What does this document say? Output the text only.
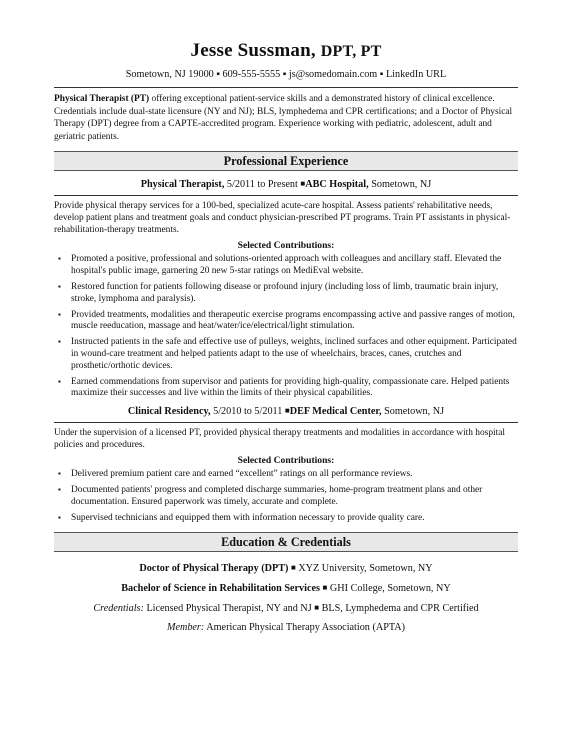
Jesse Sussman, DPT, PT
Sometown, NJ 19000 ▪ 609-555-5555 ▪ js@somedomain.com ▪ LinkedIn URL
Physical Therapist (PT) offering exceptional patient-service skills and a demonstrated history of clinical excellence. Credentials include dual-state licensure (NY and NJ); BLS, lymphedema and CPR certifications; and a Doctor of Physical Therapy (DPT) degree from a CAPTE-accredited program. Experience working with pediatric, adolescent, adult and geriatric patients.
Professional Experience
Physical Therapist, 5/2011 to Present ■ABC Hospital, Sometown, NJ
Provide physical therapy services for a 100-bed, specialized acute-care hospital. Assess patients' rehabilitative needs, develop patient plans and treatment goals and conduct physician-prescribed PT programs. Train PT assistants in physical-rehabilitation-therapy treatments.
Selected Contributions:
▪ Promoted a positive, professional and solutions-oriented approach with colleagues and ancillary staff. Elevated the hospital's public image, garnering 20 new 5-star ratings on MediEval website.
▪ Restored function for patients following disease or profound injury (including loss of limb, traumatic brain injury, stroke, lymphoma and paralysis).
▪ Provided treatments, modalities and therapeutic exercise programs encompassing active and passive ranges of motion, muscle reeducation, massage and heat/water/ice/electrical/light stimulation.
▪ Instructed patients in the safe and effective use of pulleys, weights, inclined surfaces and other equipment. Participated in wound-care treatment and helped patients adapt to the use of wheelchairs, braces, canes, crutches and prosthetic/orthotic devices.
▪ Earned commendations from supervisor and patients for providing high-quality, compassionate care. Helped patients maximize their successes and live within the limits of their physical capabilities.
Clinical Residency, 5/2010 to 5/2011 ■DEF Medical Center, Sometown, NJ
Under the supervision of a licensed PT, provided physical therapy treatments and modalities in accordance with hospital policies and procedures.
Selected Contributions:
▪ Delivered premium patient care and earned “excellent” ratings on all performance reviews.
▪ Documented patients' progress and completed discharge summaries, home-program treatment plans and other documentation. Ensured paperwork was timely, accurate and complete.
▪ Supervised technicians and equipped them with information necessary to provide quality care.
Education & Credentials
Doctor of Physical Therapy (DPT) ■ XYZ University, Sometown, NY
Bachelor of Science in Rehabilitation Services ■ GHI College, Sometown, NY
Credentials: Licensed Physical Therapist, NY and NJ ■ BLS, Lymphedema and CPR Certified
Member: American Physical Therapy Association (APTA)
